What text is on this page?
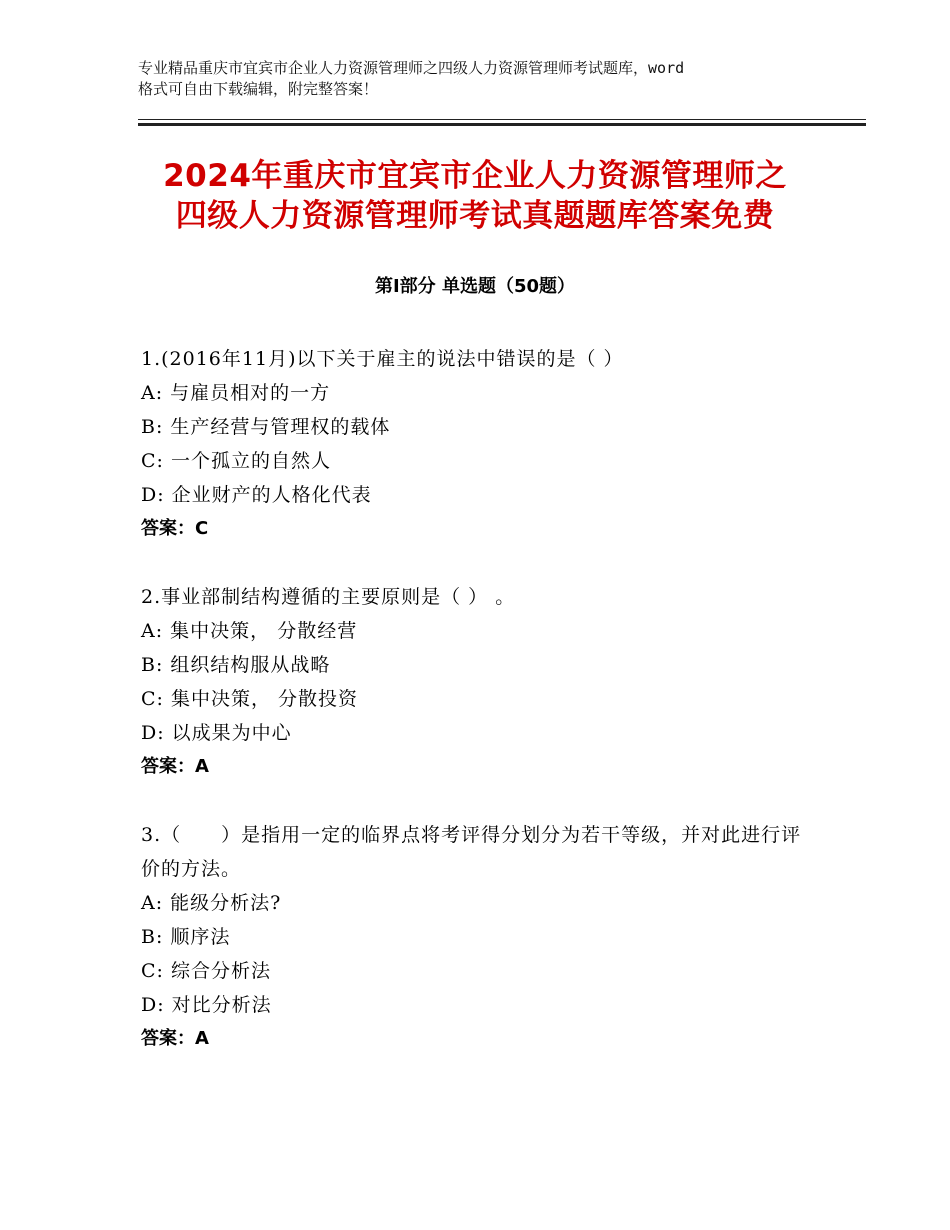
专业精品重庆市宜宾市企业人力资源管理师之四级人力资源管理师考试题库，word
格式可自由下载编辑，附完整答案！
2024年重庆市宜宾市企业人力资源管理师之
四级人力资源管理师考试真题题库答案免费
第Ⅰ部分 单选题（50题）
1.(2016年11月)以下关于雇主的说法中错误的是（ ）
A: 与雇员相对的一方
B: 生产经营与管理权的载体
C: 一个孤立的自然人
D: 企业财产的人格化代表
答案：C
2.事业部制结构遵循的主要原则是（ ） 。
A: 集中决策， 分散经营
B: 组织结构服从战略
C: 集中决策， 分散投资
D: 以成果为中心
答案：A
3.（　　）是指用一定的临界点将考评得分划分为若干等级，并对此进行评价的方法。
A: 能级分析法?
B: 顺序法
C: 综合分析法
D: 对比分析法
答案：A
